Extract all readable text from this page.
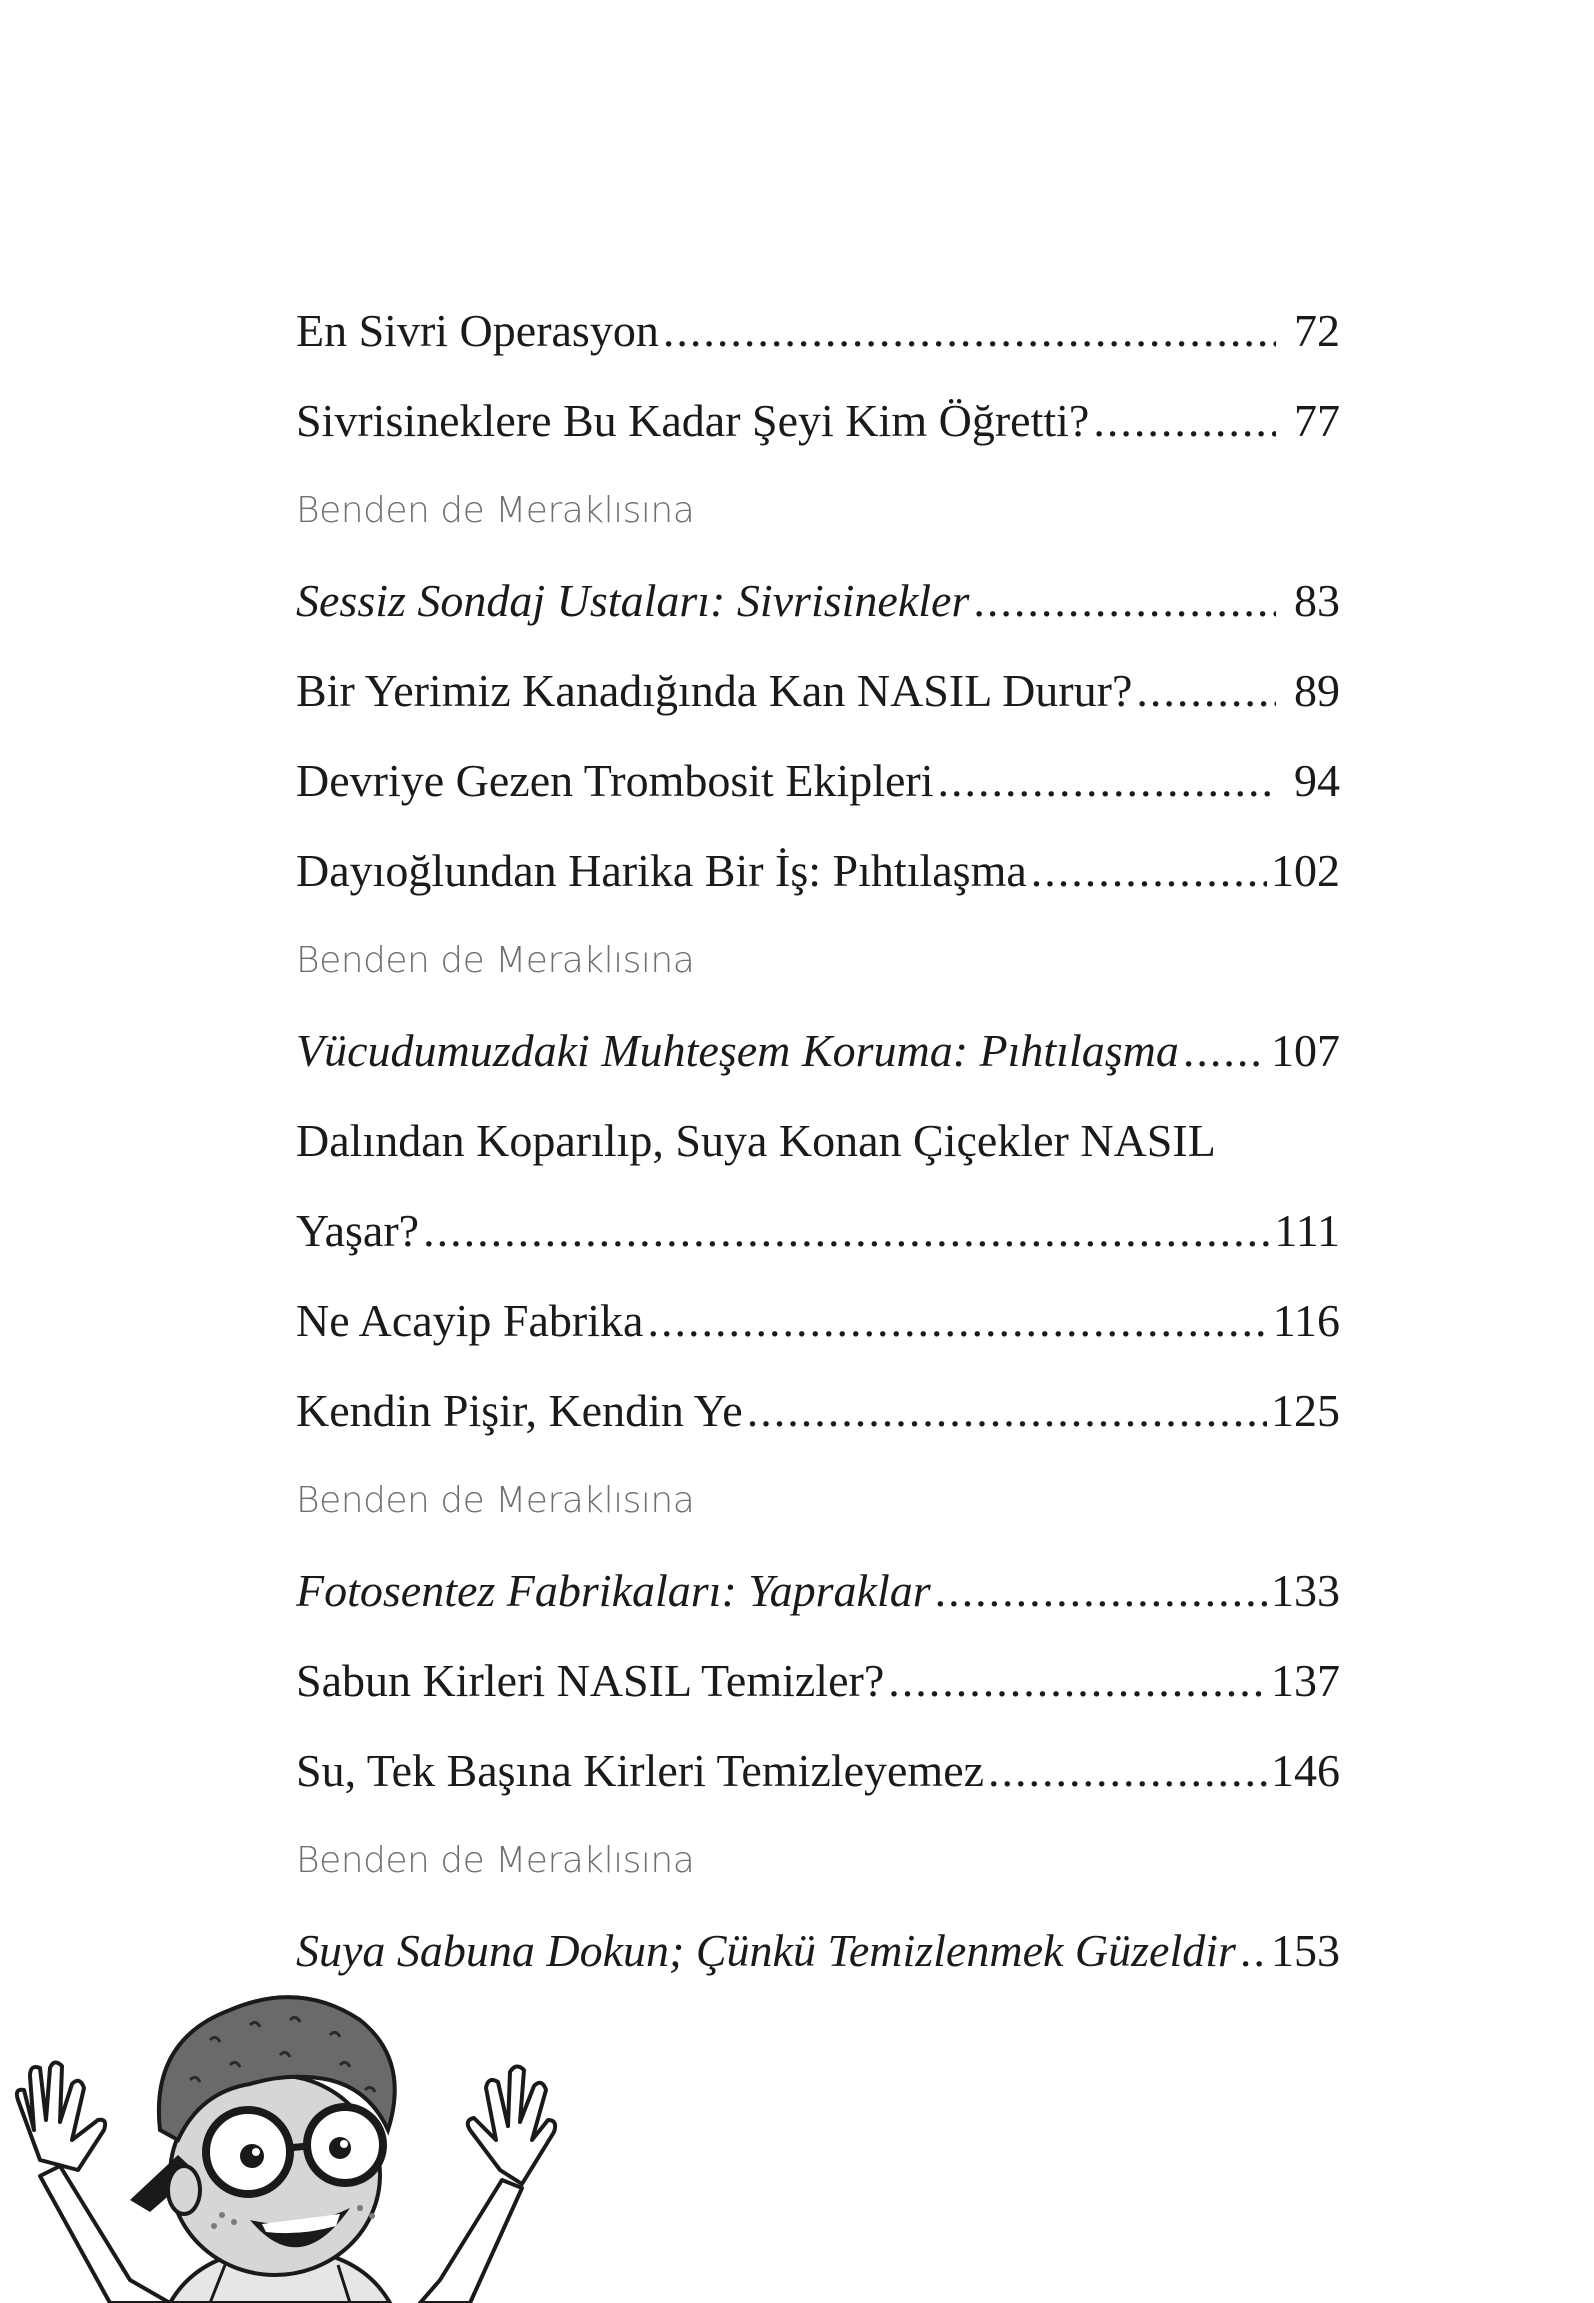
En Sivri Operasyon .....	72
Sivrisineklere Bu Kadar Şeyi Kim Öğretti? .....	77
Benden de Meraklısına
Sessiz Sondaj Ustaları: Sivrisinekler .....	83
Bir Yerimiz Kanadığında Kan NASIL Durur? .....	89
Devriye Gezen Trombosit Ekipleri .....	94
Dayıoğlundan Harika Bir İş: Pıhtılaşma .....	102
Benden de Meraklısına
Vücudumuzdaki Muhteşem Koruma: Pıhtılaşma ..... 107
Dalından Koparılıp, Suya Konan Çiçekler NASIL
Yaşar? .....	111
Ne Acayip Fabrika .....	116
Kendin Pişir, Kendin Ye .....	125
Benden de Meraklısına
Fotosentez Fabrikaları: Yapraklar .....	133
Sabun Kirleri NASIL Temizler? .....	137
Su, Tek Başına Kirleri Temizleyemez .....	146
Benden de Meraklısına
Suya Sabuna Dokun; Çünkü Temizlenmek Güzeldir ..... 153
